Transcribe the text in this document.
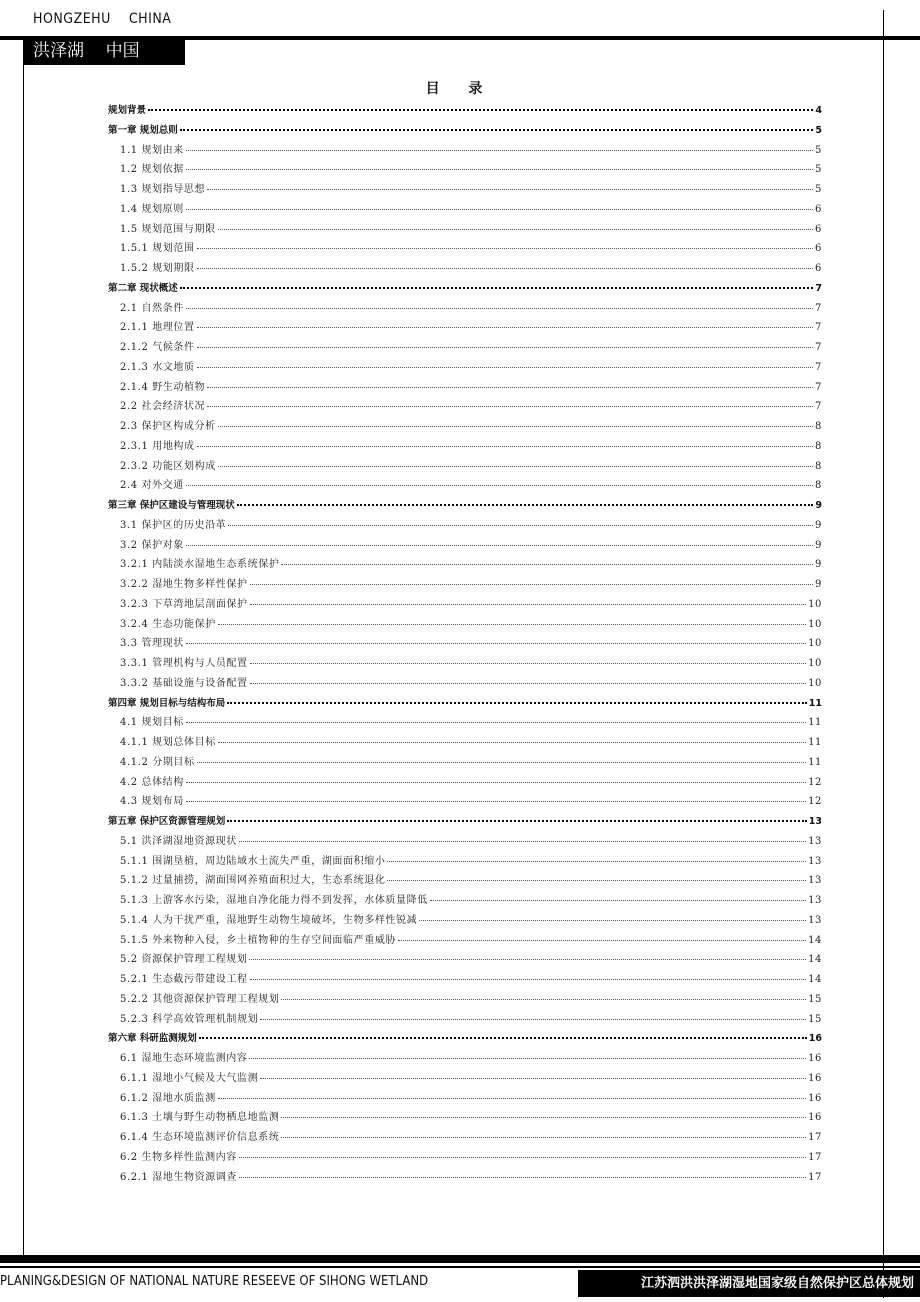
HONGZEHU    CHINA
洪泽湖    中国
目 录
规划背景	4
第一章 规划总则	5
1.1 规划由来	5
1.2 规划依据	5
1.3 规划指导思想	5
1.4 规划原则	6
1.5 规划范围与期限	6
1.5.1 规划范围	6
1.5.2 规划期限	6
第二章 现状概述	7
2.1 自然条件	7
2.1.1 地理位置	7
2.1.2 气候条件	7
2.1.3 水文地质	7
2.1.4 野生动植物	7
2.2 社会经济状况	7
2.3 保护区构成分析	8
2.3.1 用地构成	8
2.3.2 功能区划构成	8
2.4 对外交通	8
第三章 保护区建设与管理现状	9
3.1 保护区的历史沿革	9
3.2 保护对象	9
3.2.1 内陆淡水湿地生态系统保护	9
3.2.2 湿地生物多样性保护	9
3.2.3 下草湾地层剖面保护	10
3.2.4 生态功能保护	10
3.3 管理现状	10
3.3.1 管理机构与人员配置	10
3.3.2 基础设施与设备配置	10
第四章 规划目标与结构布局	11
4.1 规划目标	11
4.1.1 规划总体目标	11
4.1.2 分期目标	11
4.2 总体结构	12
4.3 规划布局	12
第五章 保护区资源管理规划	13
5.1 洪泽湖湿地资源现状	13
5.1.1 围湖垦植，周边陆域水土流失严重，湖面面积缩小	13
5.1.2 过量捕捞，湖面围网养殖面积过大，生态系统退化	13
5.1.3 上游客水污染，湿地自净化能力得不到发挥，水体质量降低	13
5.1.4 人为干扰严重，湿地野生动物生境破坏，生物多样性锐减	13
5.1.5 外来物种入侵，乡土植物种的生存空间面临严重威胁	14
5.2 资源保护管理工程规划	14
5.2.1 生态截污带建设工程	14
5.2.2 其他资源保护管理工程规划	15
5.2.3 科学高效管理机制规划	15
第六章 科研监测规划	16
6.1 湿地生态环境监测内容	16
6.1.1 湿地小气候及大气监测	16
6.1.2 湿地水质监测	16
6.1.3 土壤与野生动物栖息地监测	16
6.1.4 生态环境监测评价信息系统	17
6.2 生物多样性监测内容	17
6.2.1 湿地生物资源调查	17
PLANING&DESIGN OF NATIONAL NATURE RESEEVE OF SIHONG WETLAND	江苏泗洪洪泽湖湿地国家级自然保护区总体规划
